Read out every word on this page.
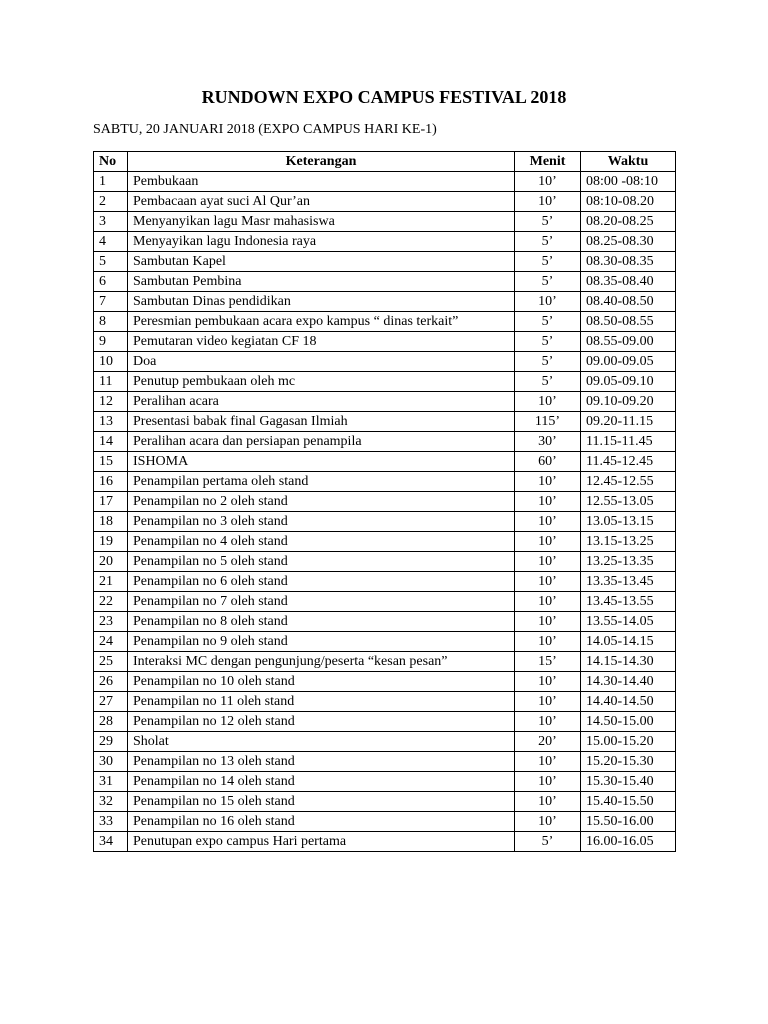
RUNDOWN EXPO CAMPUS FESTIVAL 2018
SABTU, 20 JANUARI 2018 (EXPO CAMPUS HARI KE-1)
No	Keterangan	Menit	Waktu
1	Pembukaan	10’	08:00 -08:10
2	Pembacaan ayat suci Al Qur’an	10’	08:10-08.20
3	Menyanyikan lagu Masr mahasiswa	5’	08.20-08.25
4	Menyayikan lagu Indonesia raya	5’	08.25-08.30
5	Sambutan Kapel	5’	08.30-08.35
6	Sambutan Pembina	5’	08.35-08.40
7	Sambutan Dinas pendidikan	10’	08.40-08.50
8	Peresmian pembukaan acara expo kampus “ dinas terkait”	5’	08.50-08.55
9	Pemutaran video kegiatan CF 18	5’	08.55-09.00
10	Doa	5’	09.00-09.05
11	Penutup pembukaan oleh mc	5’	09.05-09.10
12	Peralihan acara	10’	09.10-09.20
13	Presentasi babak final Gagasan Ilmiah	115’	09.20-11.15
14	Peralihan acara dan persiapan penampila	30’	11.15-11.45
15	ISHOMA	60’	11.45-12.45
16	Penampilan pertama oleh stand	10’	12.45-12.55
17	Penampilan no 2 oleh stand	10’	12.55-13.05
18	Penampilan no 3 oleh stand	10’	13.05-13.15
19	Penampilan no 4 oleh stand	10’	13.15-13.25
20	Penampilan no 5 oleh stand	10’	13.25-13.35
21	Penampilan no 6 oleh stand	10’	13.35-13.45
22	Penampilan no 7 oleh stand	10’	13.45-13.55
23	Penampilan no 8 oleh stand	10’	13.55-14.05
24	Penampilan no 9 oleh stand	10’	14.05-14.15
25	Interaksi MC dengan pengunjung/peserta “kesan pesan”	15’	14.15-14.30
26	Penampilan no 10 oleh stand	10’	14.30-14.40
27	Penampilan no 11 oleh stand	10’	14.40-14.50
28	Penampilan no 12 oleh stand	10’	14.50-15.00
29	Sholat	20’	15.00-15.20
30	Penampilan no 13 oleh stand	10’	15.20-15.30
31	Penampilan no 14 oleh stand	10’	15.30-15.40
32	Penampilan no 15 oleh stand	10’	15.40-15.50
33	Penampilan no 16 oleh stand	10’	15.50-16.00
34	Penutupan expo campus Hari pertama	5’	16.00-16.05
